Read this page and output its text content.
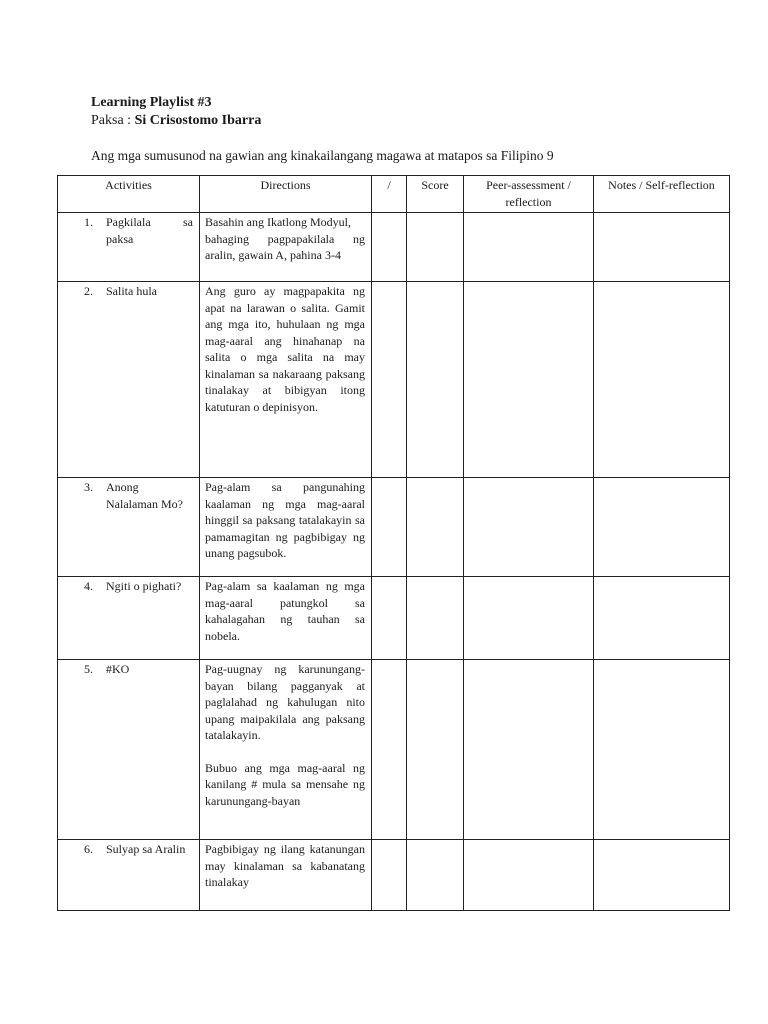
Learning Playlist #3
Paksa : Si Crisostomo Ibarra
Ang mga sumusunod na gawian ang kinakailangang magawa at matapos sa Filipino 9
Activities	Directions	/	Score	Peer-assessment / reflection	Notes / Self-reflection

1. Pagkilala sa paksa	Basahin ang Ikatlong Modyul,
bahaging pagpapakilala ng aralin, gawain A, pahina 3-4				

2. Salita hula	Ang guro ay magpapakita ng apat na larawan o salita. Gamit ang mga ito, huhulaan ng mga mag-aaral ang hinahanap na salita o mga salita na may kinalaman sa nakaraang paksang tinalakay at bibigyan itong katuturan o depinisyon.				

3. Anong Nalalaman Mo?	Pag-alam sa pangunahing kaalaman ng mga mag-aaral hinggil sa paksang tatalakayin sa pamamagitan ng pagbibigay ng unang pagsubok.				

4. Ngiti o pighati?	Pag-alam sa kaalaman ng mga mag-aaral patungkol sa kahalagahan ng tauhan sa nobela.				

5. #KO	Pag-uugnay ng karunungang-bayan bilang pagganyak at paglalahad ng kahulugan nito upang maipakilala ang paksang tatalakayin.
Bubuo ang mga mag-aaral ng kanilang # mula sa mensahe ng karunungang-bayan				

6. Sulyap sa Aralin	Pagbibigay ng ilang katanungan may kinalaman sa kabanatang tinalakay				
